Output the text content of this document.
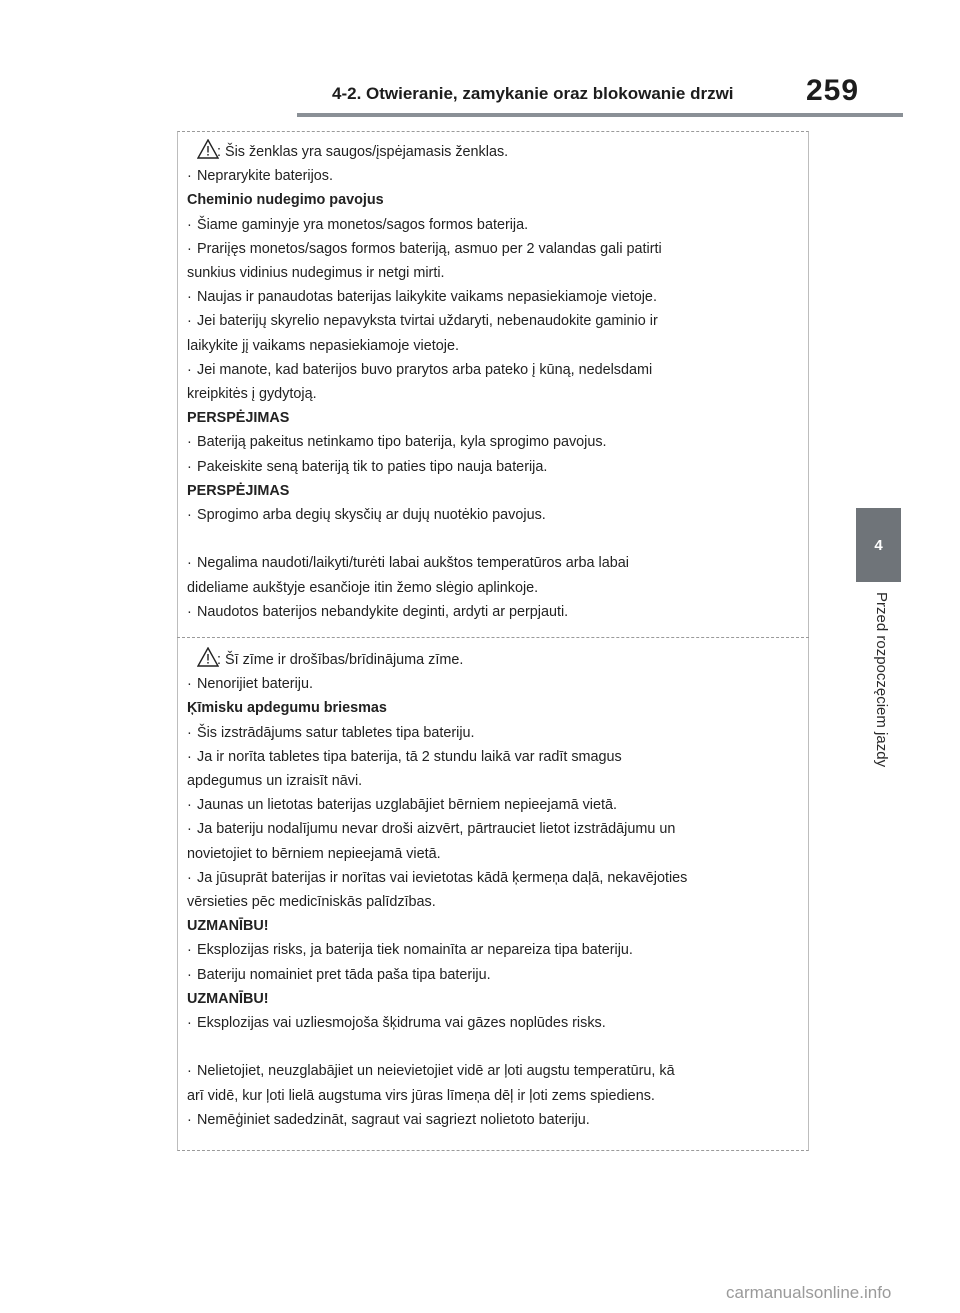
4-2. Otwieranie, zamykanie oraz blokowanie drzwi 259
4
Przed rozpoczęciem jazdy

: Šis ženklas yra saugos/įspėjamasis ženklas.

· Neprarykite baterijos.

Cheminio nudegimo pavojus

· Šiame gaminyje yra monetos/sagos formos baterija.

· Prariįęs monetos/sagos formos bateriją, asmuo per 2 valandas gali patirti

sunkius vidinius nudegimus ir netgi mirti.

· Naujas ir panaudotas baterijas laikykite vaikams nepasiekiamoje vietoje.

· Jei baterijų skyrelio nepavyksta tvirtai uždaryti, nebenaudokite gaminio ir

laikykite jį vaikams nepasiekiamoje vietoje.

· Jei manote, kad baterijos buvo prarytos arba pateko į kūną, nedelsdami

kreipkitės į gydytoją.

PERSPĖJIMAS

· Bateriją pakeitus netinkamo tipo baterija, kyla sprogimo pavojus.

· Pakeiskite seną bateriją tik to paties tipo nauja baterija.

PERSPĖJIMAS

· Sprogimo arba degių skysčių ar dujų nuotėkio pavojus.

· Negalima naudoti/laikyti/turėti labai aukštos temperatūros arba labai

dideliame aukštyje esančioje itin žemo slėgio aplinkoje.

· Naudotos baterijos nebandykite deginti, ardyti ar perpjauti.

: Šī zīme ir drošības/brīdinājuma zīme.

· Nenorijiet bateriju.

Ķīmisku apdegumu briesmas

· Šis izstrādājums satur tabletes tipa bateriju.

· Ja ir norīta tabletes tipa baterija, tā 2 stundu laikā var radīt smagus

apdegumus un izraisīt nāvi.

· Jaunas un lietotas baterijas uzglabājiet bērniem nepieejamā vietā.

· Ja bateriju nodalījumu nevar droši aizvērt, pārtrauciet lietot izstrādājumu un

novietojiet to bērniem nepieejamā vietā.

· Ja jūsuprāt baterijas ir norītas vai ievietotas kādā ķermeņa daļā, nekavējoties

vērsieties pēc medicīniskās palīdzības.

UZMANĪBU!

· Eksplozijas risks, ja baterija tiek nomainīta ar nepareiza tipa bateriju.

· Bateriju nomainiet pret tāda paša tipa bateriju.

UZMANĪBU!

· Eksplozijas vai uzliesmojoša šķidruma vai gāzes noplūdes risks.

· Nelietojiet, neuzglabājiet un neievietojiet vidē ar ļoti augstu temperatūru, kā

arī vidē, kur ļoti lielā augstuma virs jūras līmeņa dēļ ir ļoti zems spiediens.

· Nemēģiniet sadedzināt, sagraut vai sagriezt nolietoto bateriju.

carmanualsonline.info
